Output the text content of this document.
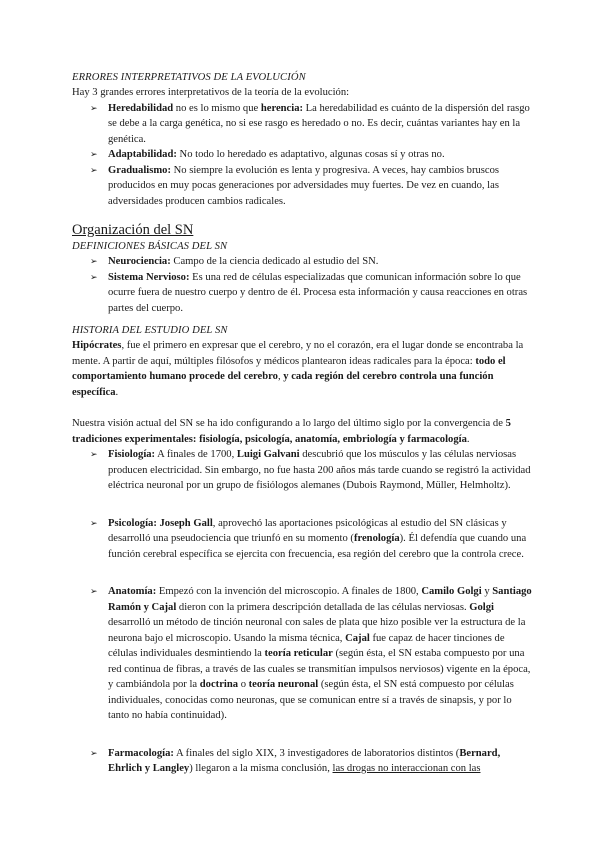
ERRORES INTERPRETATIVOS DE LA EVOLUCIÓN

Hay 3 grandes errores interpretativos de la teoría de la evolución:

➢ Heredabilidad no es lo mismo que herencia: La heredabilidad es cuánto de la dispersión del rasgo se debe a la carga genética, no si ese rasgo es heredado o no. Es decir, cuántas variantes hay en la genética.
➢ Adaptabilidad: No todo lo heredado es adaptativo, algunas cosas sí y otras no.
➢ Gradualismo: No siempre la evolución es lenta y progresiva. A veces, hay cambios bruscos producidos en muy pocas generaciones por adversidades muy fuertes. De vez en cuando, las adversidades producen cambios radicales.
Organización del SN
DEFINICIONES BÁSICAS DEL SN
➢ Neurociencia: Campo de la ciencia dedicado al estudio del SN.
➢ Sistema Nervioso: Es una red de células especializadas que comunican información sobre lo que ocurre fuera de nuestro cuerpo y dentro de él. Procesa esta información y causa reacciones en otras partes del cuerpo.
HISTORIA DEL ESTUDIO DEL SN

Hipócrates, fue el primero en expresar que el cerebro, y no el corazón, era el lugar donde se encontraba la mente. A partir de aquí, múltiples filósofos y médicos plantearon ideas radicales para la época: todo el comportamiento humano procede del cerebro, y cada región del cerebro controla una función específica.

Nuestra visión actual del SN se ha ido configurando a lo largo del último siglo por la convergencia de 5 tradiciones experimentales: fisiología, psicología, anatomía, embriología y farmacología.

➢ Fisiología: A finales de 1700, Luigi Galvani descubrió que los músculos y las células nerviosas producen electricidad. Sin embargo, no fue hasta 200 años más tarde cuando se registró la actividad eléctrica neuronal por un grupo de fisiólogos alemanes (Dubois Raymond, Müller, Helmholtz).
➢ Psicología: Joseph Gall, aprovechó las aportaciones psicológicas al estudio del SN clásicas y desarrolló una pseudociencia que triunfó en su momento (frenología). Él defendía que cuando una función cerebral específica se ejercita con frecuencia, esa región del cerebro que la controla crece.
➢ Anatomía: Empezó con la invención del microscopio. A finales de 1800, Camilo Golgi y Santiago Ramón y Cajal dieron con la primera descripción detallada de las células nerviosas. Golgi desarrolló un método de tinción neuronal con sales de plata que hizo posible ver la estructura de la neurona bajo el microscopio. Usando la misma técnica, Cajal fue capaz de hacer tinciones de células individuales desmintiendo la teoría reticular (según ésta, el SN estaba compuesto por una red continua de fibras, a través de las cuales se transmitían impulsos nerviosos) vigente en la época, y cambiándola por la doctrina o teoría neuronal (según ésta, el SN está compuesto por células individuales, conocidas como neuronas, que se comunican entre sí a través de sinapsis, y por lo tanto no había continuidad).
➢ Farmacología: A finales del siglo XIX, 3 investigadores de laboratorios distintos (Bernard, Ehrlich y Langley) llegaron a la misma conclusión, las drogas no interaccionan con las
